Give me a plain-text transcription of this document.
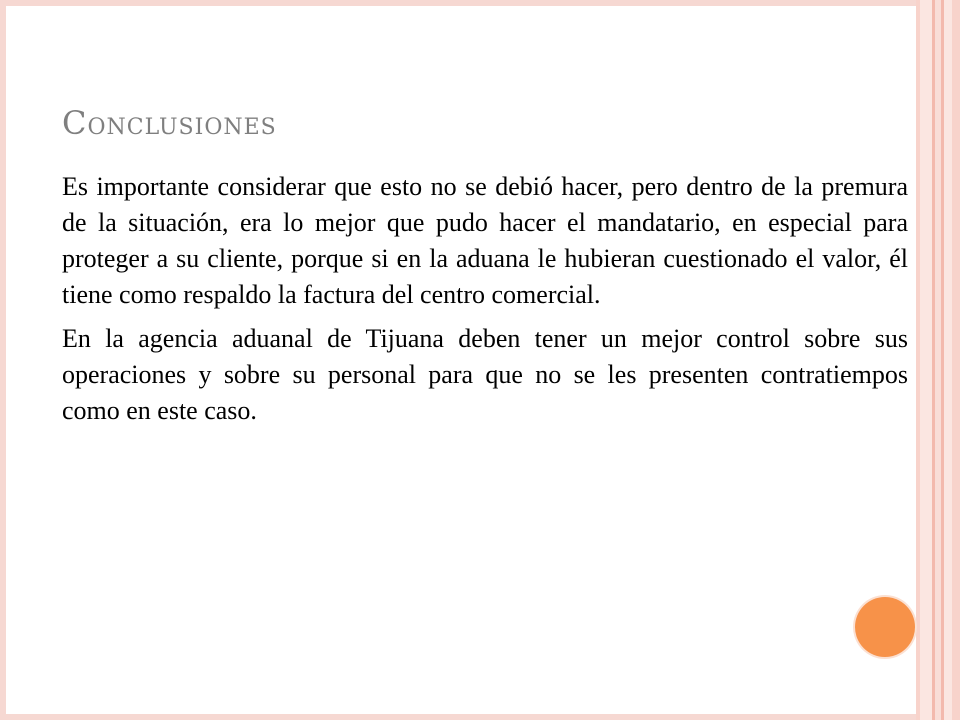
Conclusiones

Es importante considerar que esto no se debió hacer, pero dentro de la premura de la situación, era lo mejor que pudo hacer el mandatario, en especial para proteger a su cliente, porque si en la aduana le hubieran cuestionado el valor, él tiene como respaldo la factura del centro comercial.

En la agencia aduanal de Tijuana deben tener un mejor control sobre sus operaciones y sobre su personal para que no se les presenten contratiempos como en este caso.
